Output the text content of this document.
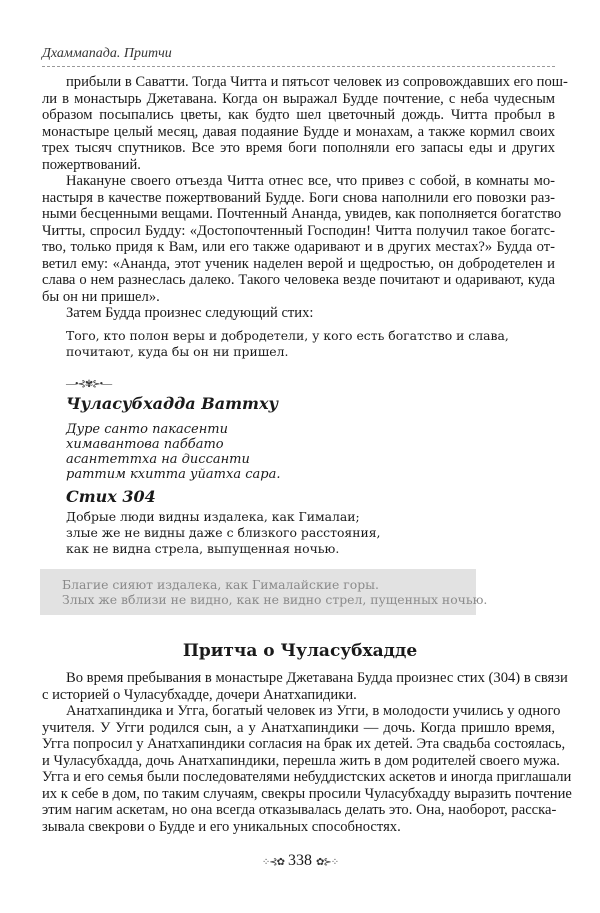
Дхаммапада. Притчи
прибыли в Саватти. Тогда Читта и пятьсот человек из сопровождавших его пош-
ли в монастырь Джетавана. Когда он выражал Будде почтение, с неба чудесным
образом посыпались цветы, как будто шел цветочный дождь. Читта пробыл в
монастыре целый месяц, давая подаяние Будде и монахам, а также кормил своих
трех тысяч спутников. Все это время боги пополняли его запасы еды и других
пожертвований.
Накануне своего отъезда Читта отнес все, что привез с собой, в комнаты мо-
настыря в качестве пожертвований Будде. Боги снова наполнили его повозки раз-
ными бесценными вещами. Почтенный Ананда, увидев, как пополняется богатство
Читты, спросил Будду: «Достопочтенный Господин! Читта получил такое богатс-
тво, только придя к Вам, или его также одаривают и в других местах?» Будда от-
ветил ему: «Ананда, этот ученик наделен верой и щедростью, он добродетелен и
слава о нем разнеслась далеко. Такого человека везде почитают и одаривают, куда
бы он ни пришел».
Затем Будда произнес следующий стих:
Того, кто полон веры и добродетели, у кого есть богатство и слава,
почитают, куда бы он ни пришел.
—•⊰✾⊱•—
Чуласубхадда Ваттху
Дуре санто пакасенти
химавантова паббато
асантеттха на диссанти
раттим кхитта уйатха сара.
Стих 304
Добрые люди видны издалека, как Гималаи;
злые же не видны даже с близкого расстояния,
как не видна стрела, выпущенная ночью.
Благие сияют издалека, как Гималайские горы.
Злых же вблизи не видно, как не видно стрел, пущенных ночью.
Притча о Чуласубхадде
Во время пребывания в монастыре Джетавана Будда произнес стих (304) в связи
с историей о Чуласубхадде, дочери Анатхапидики.
Анатхапиндика и Угга, богатый человек из Угги, в молодости учились у одного
учителя. У Угги родился сын, а у Анатхапиндики — дочь. Когда пришло время,
Угга попросил у Анатхапиндики согласия на брак их детей. Эта свадьба состоялась,
и Чуласубхадда, дочь Анатхапиндики, перешла жить в дом родителей своего мужа.
Угга и его семья были последователями небуддистских аскетов и иногда приглашали
их к себе в дом, по таким случаям, свекры просили Чуласубхадду выразить почтение
этим нагим аскетам, но она всегда отказывалась делать это. Она, наоборот, расска-
зывала свекрови о Будде и его уникальных способностях.
⁘⊰✿ 338 ✿⊱⁘
